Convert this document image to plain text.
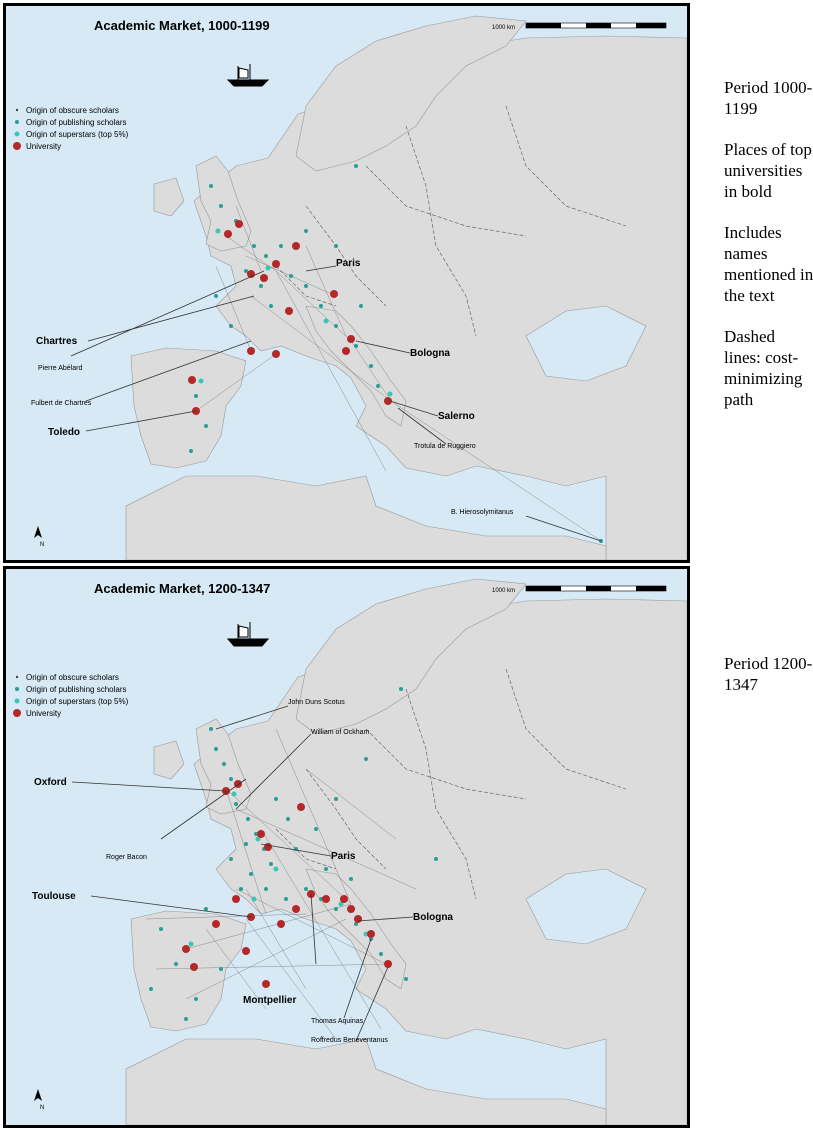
Academic Market, 1000-1199	1000 km
Origin of obscure scholars
Origin of publishing scholars
Origin of superstars (top 5%)
University
Paris
Bologna
Chartres
Toledo
Salerno
Pierre Abélard
Fulbert de Chartres
Trotula de Ruggiero
B. Hierosolymitanus
N
Academic Market, 1200-1347	1000 km
Origin of obscure scholars
Origin of publishing scholars
Origin of superstars (top 5%)
University
Oxford
Paris
Toulouse
Bologna
Montpellier
John Duns Scotus
William of Ockham
Roger Bacon
Thomas Aquinas
Roffredus Beneventanus
N

Period 1000-1199

Places of top universities in bold

Includes names mentioned in the text

Dashed lines: cost-minimizing path

Period 1200-1347
